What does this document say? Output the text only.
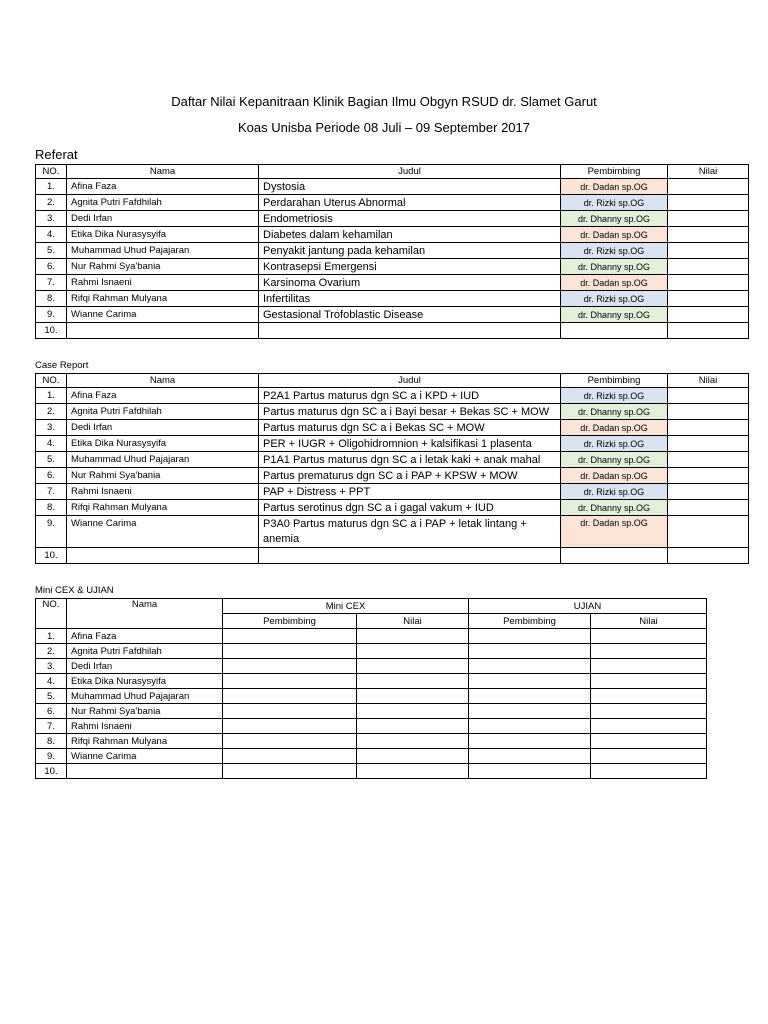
Daftar Nilai Kepanitraan Klinik Bagian Ilmu Obgyn RSUD dr. Slamet Garut
Koas Unisba Periode 08 Juli – 09 September 2017
Referat
NO.	Nama	Judul	Pembimbing	Nilai
1.	Afina Faza	Dystosia	dr. Dadan sp.OG	
2.	Agnita Putri Fafdhilah	Perdarahan Uterus Abnormal	dr. Rizki sp.OG	
3.	Dedi Irfan	Endometriosis	dr. Dhanny sp.OG	
4.	Etika Dika Nurasysyifa	Diabetes dalam kehamilan	dr. Dadan sp.OG	
5.	Muhammad Uhud Pajajaran	Penyakit jantung pada kehamilan	dr. Rizki sp.OG	
6.	Nur Rahmi Sya'bania	Kontrasepsi Emergensi	dr. Dhanny sp.OG	
7.	Rahmi Isnaeni	Karsinoma Ovarium	dr. Dadan sp.OG	
8.	Rifqi Rahman Mulyana	Infertilitas	dr. Rizki sp.OG	
9.	Wianne Carima	Gestasional Trofoblastic Disease	dr. Dhanny sp.OG	
10.				
Case Report
NO.	Nama	Judul	Pembimbing	Nilai
1.	Afina Faza	P2A1 Partus maturus dgn SC a i KPD + IUD	dr. Rizki sp.OG	
2.	Agnita Putri Fafdhilah	Partus maturus dgn SC a i Bayi besar + Bekas SC + MOW	dr. Dhanny sp.OG	
3.	Dedi Irfan	Partus maturus dgn SC a i Bekas SC + MOW	dr. Dadan sp.OG	
4.	Etika Dika Nurasysyifa	PER + IUGR + Oligohidromnion + kalsifikasi 1 plasenta	dr. Rizki sp.OG	
5.	Muhammad Uhud Pajajaran	P1A1 Partus maturus dgn SC a i letak kaki + anak mahal	dr. Dhanny sp.OG	
6.	Nur Rahmi Sya'bania	Partus prematurus dgn SC a i PAP + KPSW + MOW	dr. Dadan sp.OG	
7.	Rahmi Isnaeni	PAP + Distress + PPT	dr. Rizki sp.OG	
8.	Rifqi Rahman Mulyana	Partus serotinus dgn SC a i gagal vakum + IUD	dr. Dhanny sp.OG	
9.	Wianne Carima	P3A0 Partus maturus dgn SC a i PAP + letak lintang + anemia	dr. Dadan sp.OG	
10.				
Mini CEX & UJIAN
NO.	Nama	Mini CEX		UJIAN	
		Pembimbing	Nilai	Pembimbing	Nilai
1.	Afina Faza				
2.	Agnita Putri Fafdhilah				
3.	Dedi Irfan				
4.	Etika Dika Nurasysyifa				
5.	Muhammad Uhud Pajajaran				
6.	Nur Rahmi Sya'bania				
7.	Rahmi Isnaeni				
8.	Rifqi Rahman Mulyana				
9.	Wianne Carima				
10.					
